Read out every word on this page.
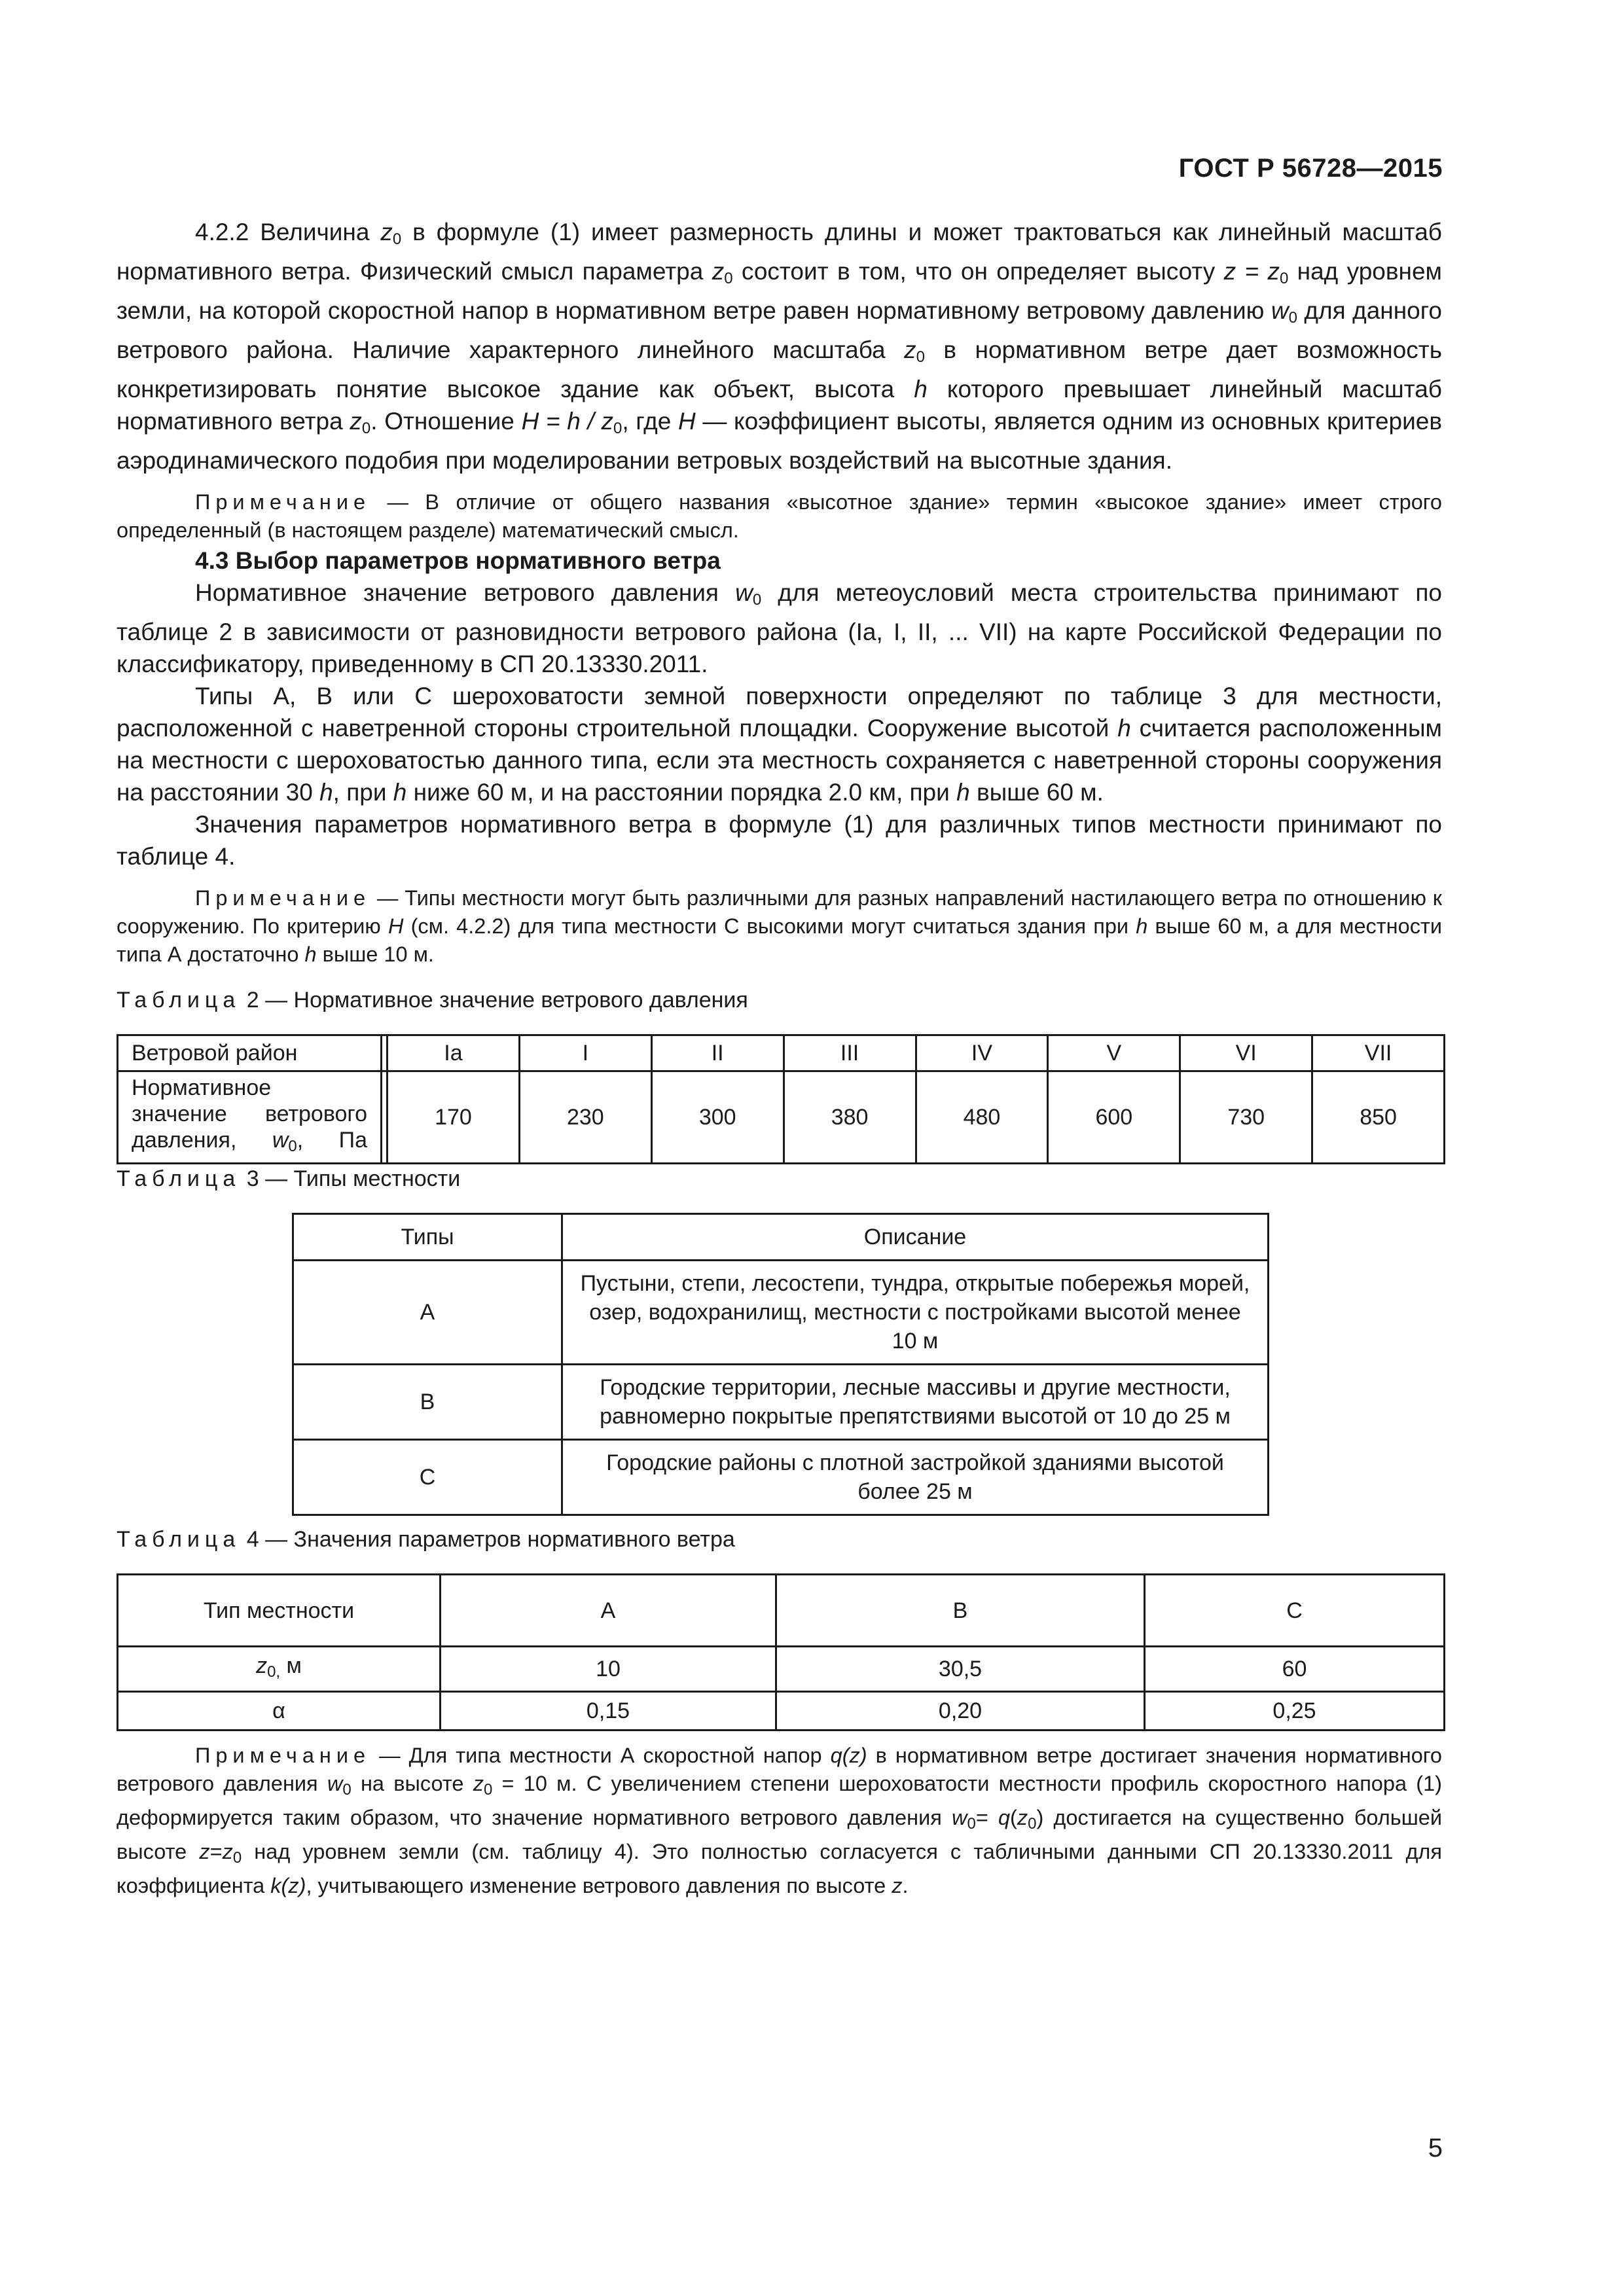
ГОСТ Р 56728—2015

4.2.2 Величина $z_0$ в формуле (1) имеет размерность длины и может трактоваться как линейный масштаб нормативного ветра. Физический смысл параметра $z_0$ состоит в том, что он определяет высоту $z = z_0$ над уровнем земли, на которой скоростной напор в нормативном ветре равен нормативному ветровому давлению $w_0$ для данного ветрового района. Наличие характерного линейного масштаба $z_0$ в нормативном ветре дает возможность конкретизировать понятие высокое здание как объект, высота h которого превышает линейный масштаб нормативного ветра $z_0$. Отношение $H = h / z_0$, где H — коэффициент высоты, является одним из основных критериев аэродинамического подобия при моделировании ветровых воздействий на высотные здания.

Примечание — В отличие от общего названия «высотное здание» термин «высокое здание» имеет строго определенный (в настоящем разделе) математический смысл.

4.3 Выбор параметров нормативного ветра

Нормативное значение ветрового давления $w_0$ для метеоусловий места строительства принимают по таблице 2 в зависимости от разновидности ветрового района (Ia, I, II, ... VII) на карте Российской Федерации по классификатору, приведенному в СП 20.13330.2011.

Типы А, В или С шероховатости земной поверхности определяют по таблице 3 для местности, расположенной с наветренной стороны строительной площадки. Сооружение высотой h считается расположенным на местности с шероховатостью данного типа, если эта местность сохраняется с наветренной стороны сооружения на расстоянии 30 h, при h ниже 60 м, и на расстоянии порядка 2.0 км, при h выше 60 м.

Значения параметров нормативного ветра в формуле (1) для различных типов местности принимают по таблице 4.

Примечание — Типы местности могут быть различными для разных направлений настилающего ветра по отношению к сооружению. По критерию H (см. 4.2.2) для типа местности С высокими могут считаться здания при h выше 60 м, а для местности типа А достаточно h выше 10 м.

Таблица 2 — Нормативное значение ветрового давления

Ветровой район		Ia	I	II	III	IV	V	VI	VII
Нормативное значение ветрового давления, $w_0$, Па		170	230	300	380	480	600	730	850

Таблица 3 — Типы местности

Типы	Описание
А	Пустыни, степи, лесостепи, тундра, открытые побережья морей, озер, водохранилищ, местности с постройками высотой менее 10 м
В	Городские территории, лесные массивы и другие местности, равномерно покрытые препятствиями высотой от 10 до 25 м
С	Городские районы с плотной застройкой зданиями высотой более 25 м

Таблица 4 — Значения параметров нормативного ветра

Тип местности	А	В	С
$z_{0,}$ м	10	30,5	60
α	0,15	0,20	0,25

Примечание — Для типа местности А скоростной напор q(z) в нормативном ветре достигает значения нормативного ветрового давления $w_0$ на высоте $z_0 = 10$ м. С увеличением степени шероховатости местности профиль скоростного напора (1) деформируется таким образом, что значение нормативного ветрового давления $w_0= q(z_0)$ достигается на существенно большей высоте $z=z_0$ над уровнем земли (см. таблицу 4). Это полностью согласуется с табличными данными СП 20.13330.2011 для коэффициента k(z), учитывающего изменение ветрового давления по высоте z.

5
